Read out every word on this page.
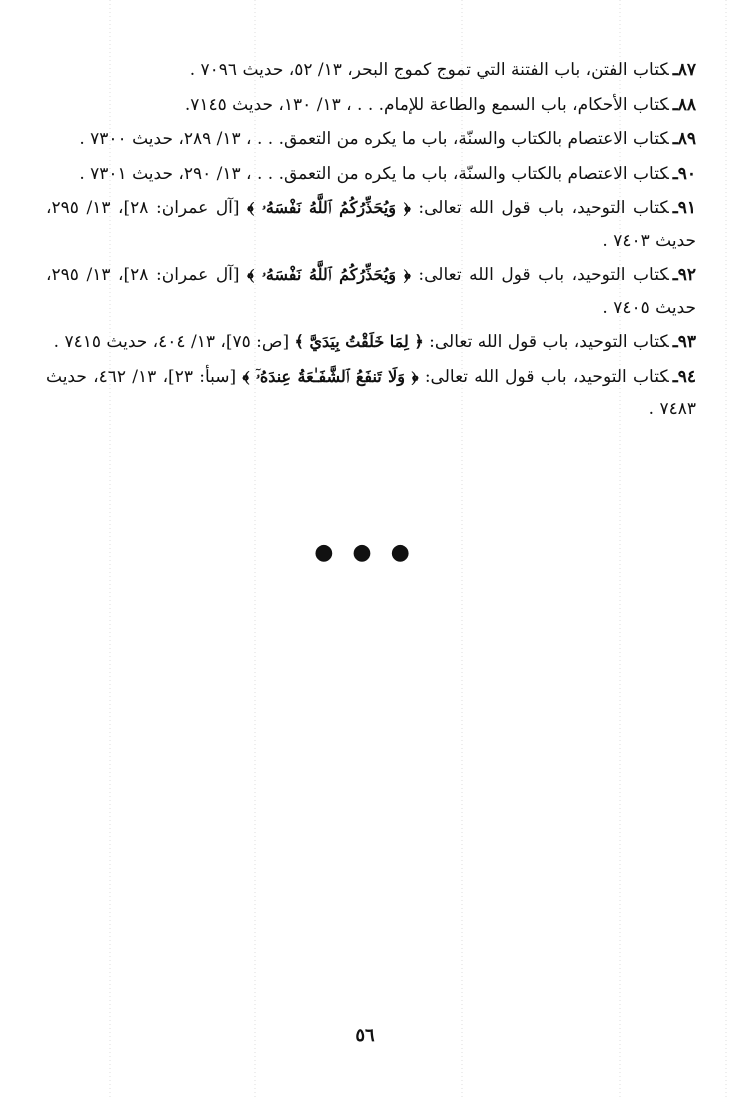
٨٧ـكتاب الفتن، باب الفتنة التي تموج كموج البحر، ١٣/ ٥٢، حديث ٧٠٩٦ .

٨٨ـكتاب الأحكام، باب السمع والطاعة للإمام. . . ، ١٣/ ١٣٠، حديث ٧١٤٥.

٨٩ـكتاب الاعتصام بالكتاب والسنّة، باب ما يكره من التعمق. . . ، ١٣/ ٢٨٩، حديث ٧٣٠٠ .

٩٠ـكتاب الاعتصام بالكتاب والسنّة، باب ما يكره من التعمق. . . ، ١٣/ ٢٩٠، حديث ٧٣٠١ .

٩١ـكتاب التوحيد، باب قول الله تعالى: ﴿ وَيُحَذِّرُكُمُ ٱللَّهُ نَفْسَهُۥ ﴾ [آل عمران: ٢٨]، ١٣/ ٢٩٥، حديث ٧٤٠٣ .

٩٢ـكتاب التوحيد، باب قول الله تعالى: ﴿ وَيُحَذِّرُكُمُ ٱللَّهُ نَفْسَهُۥ ﴾ [آل عمران: ٢٨]، ١٣/ ٢٩٥، حديث ٧٤٠٥ .

٩٣ـكتاب التوحيد، باب قول الله تعالى: ﴿ لِمَا خَلَقْتُ بِيَدَيَّ ﴾ [ص: ٧٥]، ١٣/ ٤٠٤، حديث ٧٤١٥ .

٩٤ـكتاب التوحيد، باب قول الله تعالى: ﴿ وَلَا تَنفَعُ ٱلشَّفَـٰعَةُ عِندَهُۥٓ ﴾ [سبأ: ٢٣]، ١٣/ ٤٦٢، حديث ٧٤٨٣ .

● ● ●
٥٦
